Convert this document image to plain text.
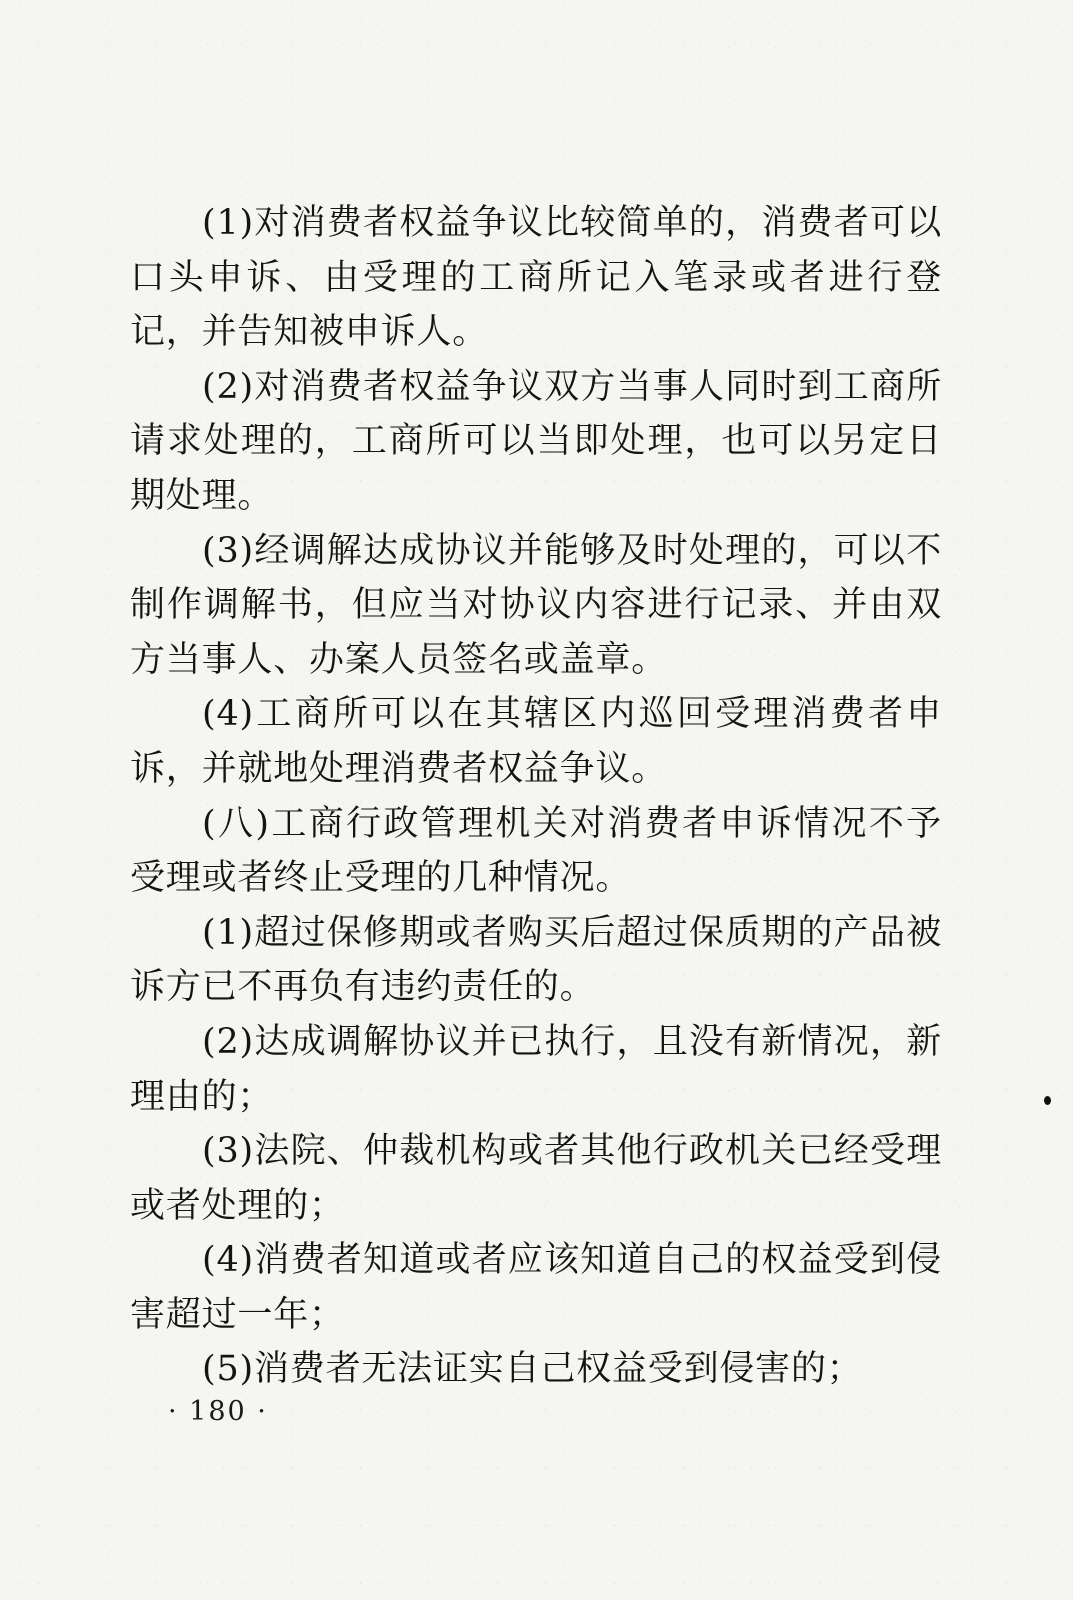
(1)对消费者权益争议比较简单的，消费者可以口头申诉、由受理的工商所记入笔录或者进行登记，并告知被申诉人。

(2)对消费者权益争议双方当事人同时到工商所请求处理的，工商所可以当即处理，也可以另定日期处理。

(3)经调解达成协议并能够及时处理的，可以不制作调解书，但应当对协议内容进行记录、并由双方当事人、办案人员签名或盖章。

(4)工商所可以在其辖区内巡回受理消费者申诉，并就地处理消费者权益争议。

(八)工商行政管理机关对消费者申诉情况不予受理或者终止受理的几种情况。

(1)超过保修期或者购买后超过保质期的产品被诉方已不再负有违约责任的。

(2)达成调解协议并已执行，且没有新情况，新理由的；

(3)法院、仲裁机构或者其他行政机关已经受理或者处理的；

(4)消费者知道或者应该知道自己的权益受到侵害超过一年；

(5)消费者无法证实自己权益受到侵害的；

· 180 ·
